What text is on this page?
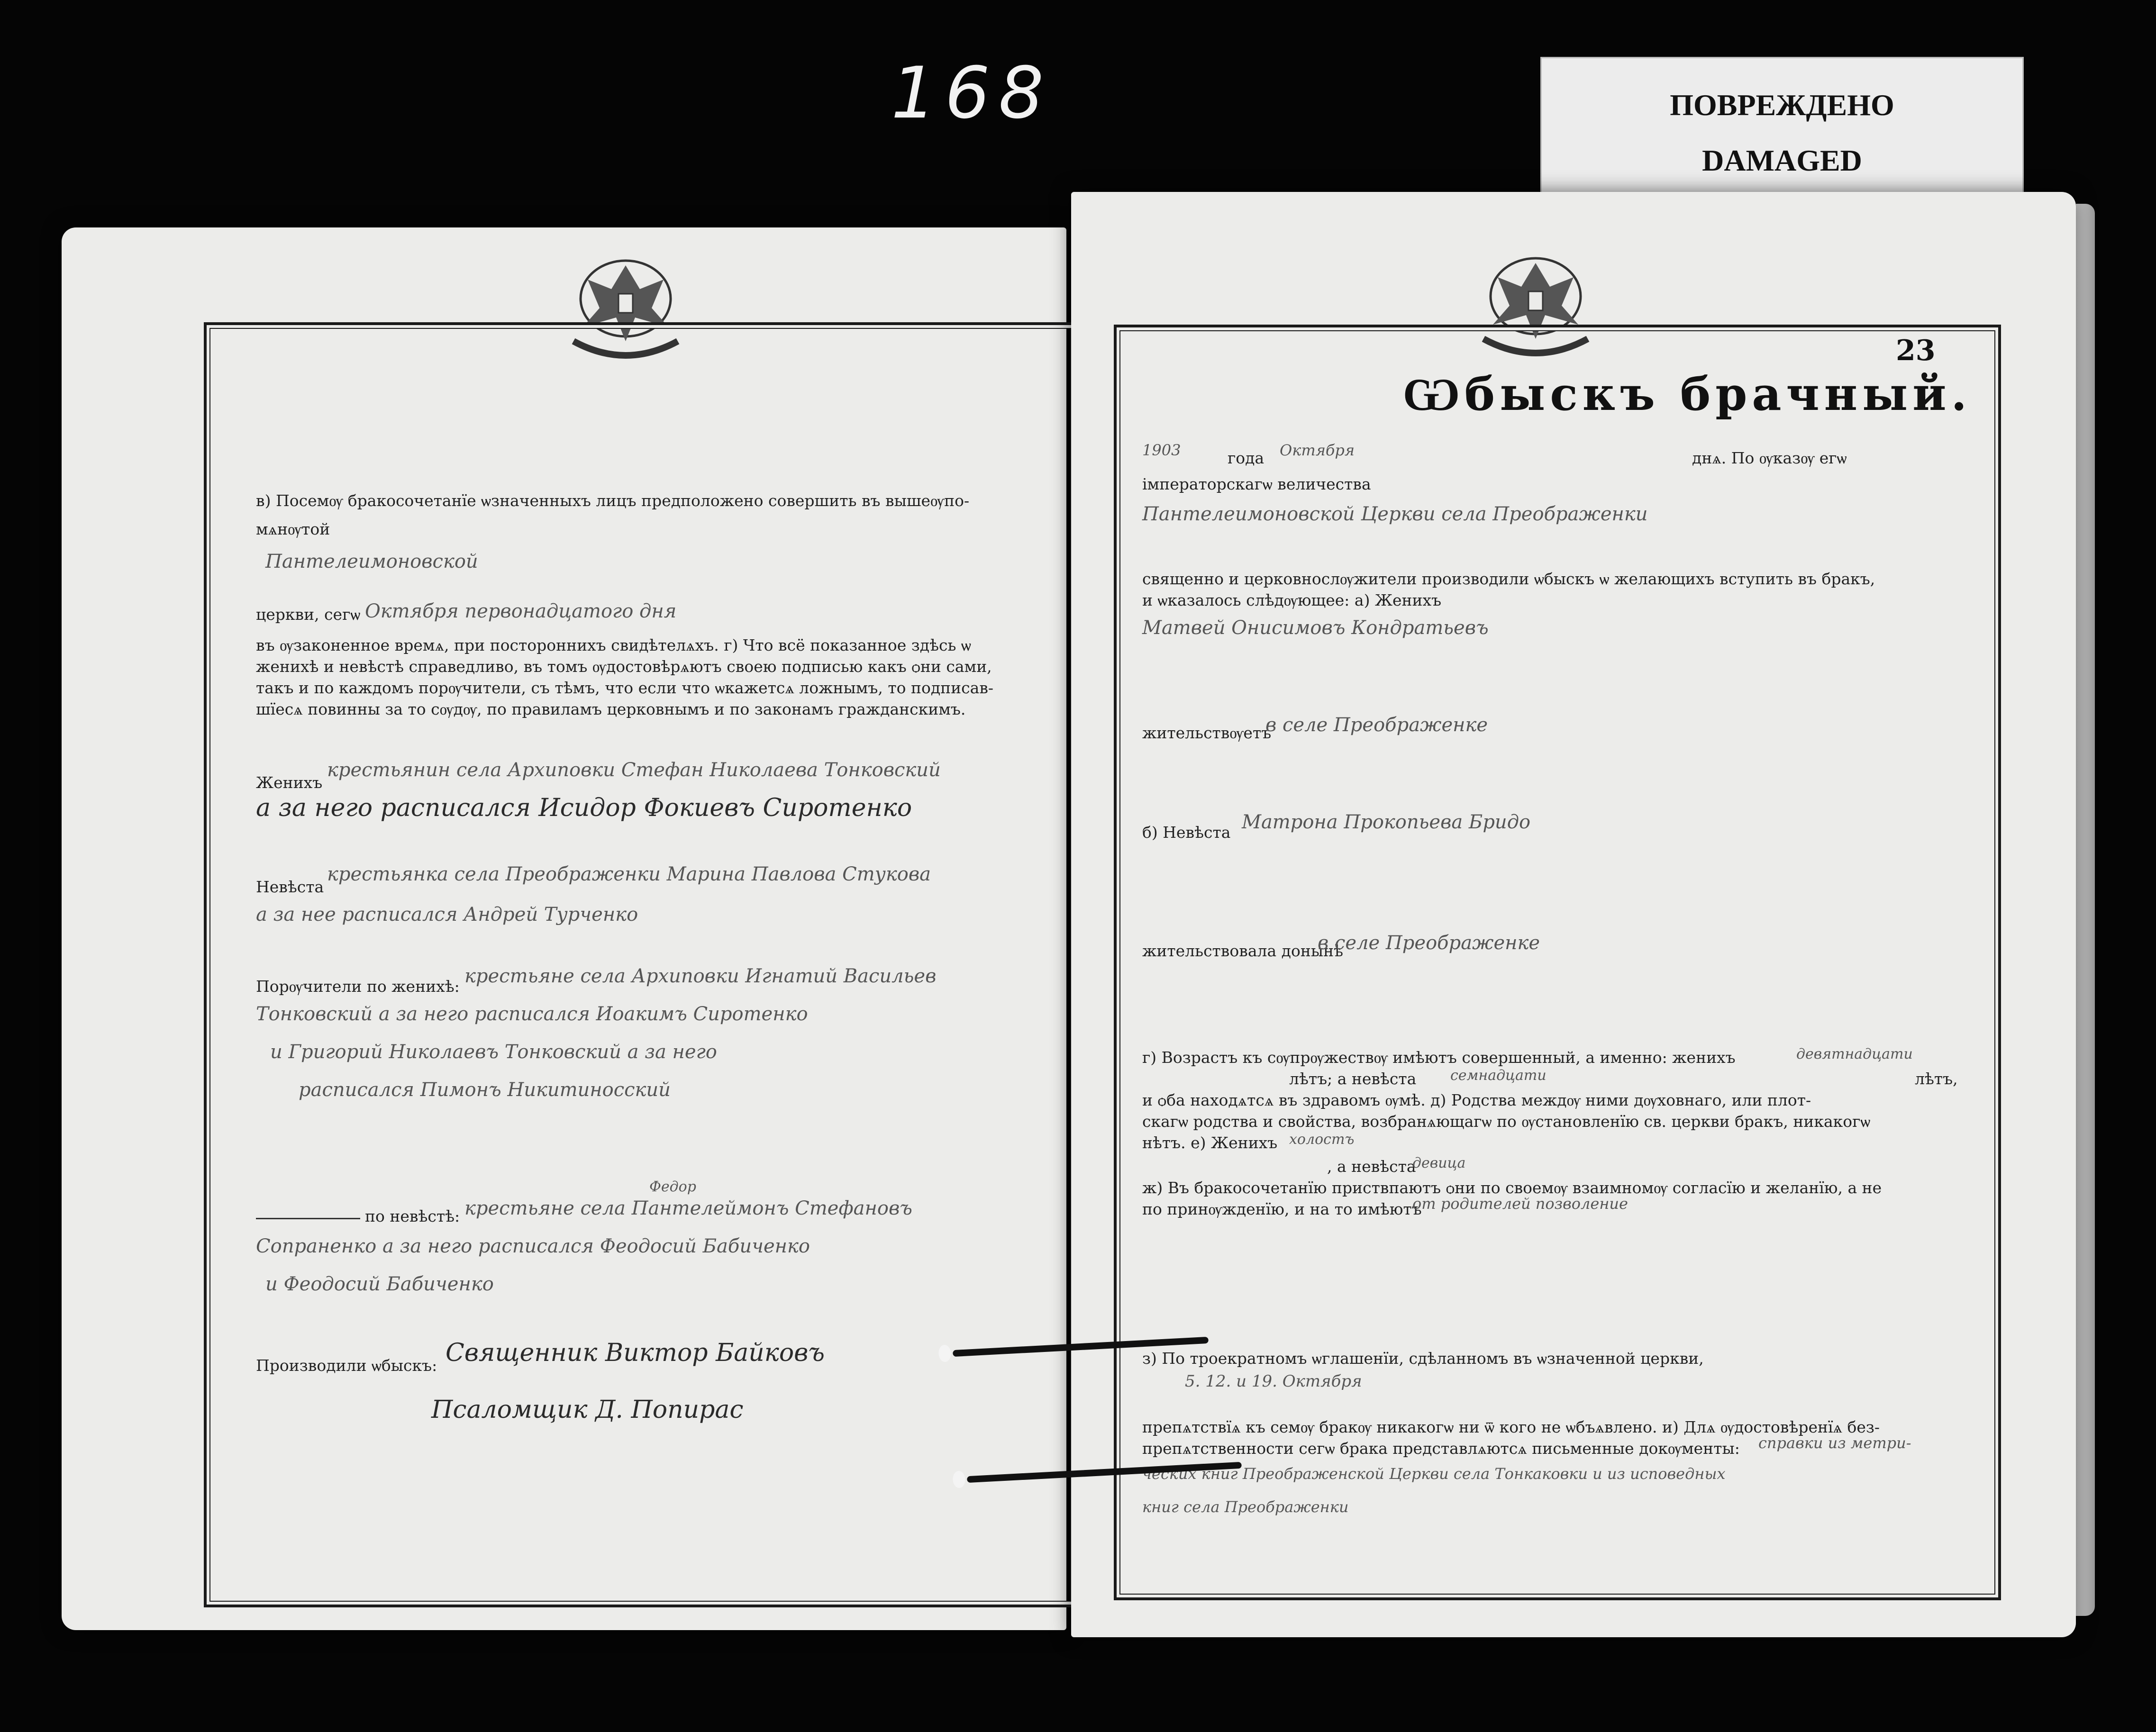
168	ПОВРЕЖДЕНО
DAMAGED
в) Посемѹ бракосочетанїе ѡзначенныхъ лицъ предположено совершить въ вышеѹпо-
мѧнѹтой
Пантелеимоновской
церкви, сегѡ Октября первонадцатого дня
въ ѹзаконенное времѧ, при постороннихъ свидѣтелѧхъ. г) Что всё показанное здѣсь ѡ
женихѣ и невѣстѣ справедливо, въ томъ ѹдостовѣрѧютъ своею подписью какъ ѻни сами,
такъ и по каждомъ порѹчители, съ тѣмъ, что если что ѡкажетсѧ ложнымъ, то подписав-
шїесѧ повинны за то сѹдѹ, по правиламъ церковнымъ и по законамъ гражданскимъ.
Женихъ
крестьянин села Архиповки Стефан Николаева Тонковский
а за него расписался Исидор Фокиевъ Сиротенко
Невѣста
крестьянка села Преображенки Марина Павлова Стукова
а за нее расписался Андрей Турченко
Порѹчители по женихѣ: крестьяне села Архиповки Игнатий Васильев
Тонковский а за него расписался Иоакимъ Сиротенко
и Григорий Николаевъ Тонковский а за него
расписался Пимонъ Никитиносский
по невѣстѣ:
Федор
крестьяне села Пантелеймонъ Стефановъ
Сопраненко а за него расписался Феодосий Бабиченко
и Феодосий Бабиченко
Производили ѡбыскъ: Священник Виктор Байковъ
Псаломщик Д. Попирас
23
Ѡбыскъ брачный.
1903	года Октября	днѧ. По ѹказѹ егѡ
імператорскагѡ величества
Пантелеимоновской Церкви села Преображенки
священно и церковнослѹжители производили ѡбыскъ ѡ желающихъ вступить въ бракъ,
и ѡказалось слѣдѹющее: а) Женихъ
Матвей Онисимовъ Кондратьевъ
жительствѹетъ
в селе Преображенке
б) Невѣста Матрона Прокопьева Бридо
жительствовала донынѣ
в селе Преображенке
г) Возрастъ къ сѹпрѹжествѹ имѣютъ совершенный, а именно: женихъ	девятнадцати
лѣтъ; а невѣста семнадцати	лѣтъ,
и ѻба находѧтсѧ въ здравомъ ѹмѣ. д) Родства междѹ ними дѹховнаго, или плот-
скагѡ родства и свойства, возбранѧющагѡ по ѹстановленїю св. церкви бракъ, никакогѡ
нѣтъ. е) Женихъ холостъ
, а невѣста
девица
ж) Въ бракосочетанїю приствпаютъ ѻни по своемѹ взаимномѹ согласїю и желанїю, а не
по принѹжденїю, и на то имѣютъ
от родителей позволение
з) По троекратномъ ѡглашенїи, сдѣланномъ въ ѡзначенной церкви,
5. 12. и 19. Октября
препѧтствїѧ къ семѹ бракѹ никакогѡ ни ѿ кого не ѡбъѧвлено. и) Длѧ ѹдостовѣренїѧ без-
препѧтственности сегѡ брака представлѧютсѧ письменные докѹменты: справки из метри-
ческих книг Преображенской Церкви села Тонкаковки и из исповедных
книг села Преображенки
